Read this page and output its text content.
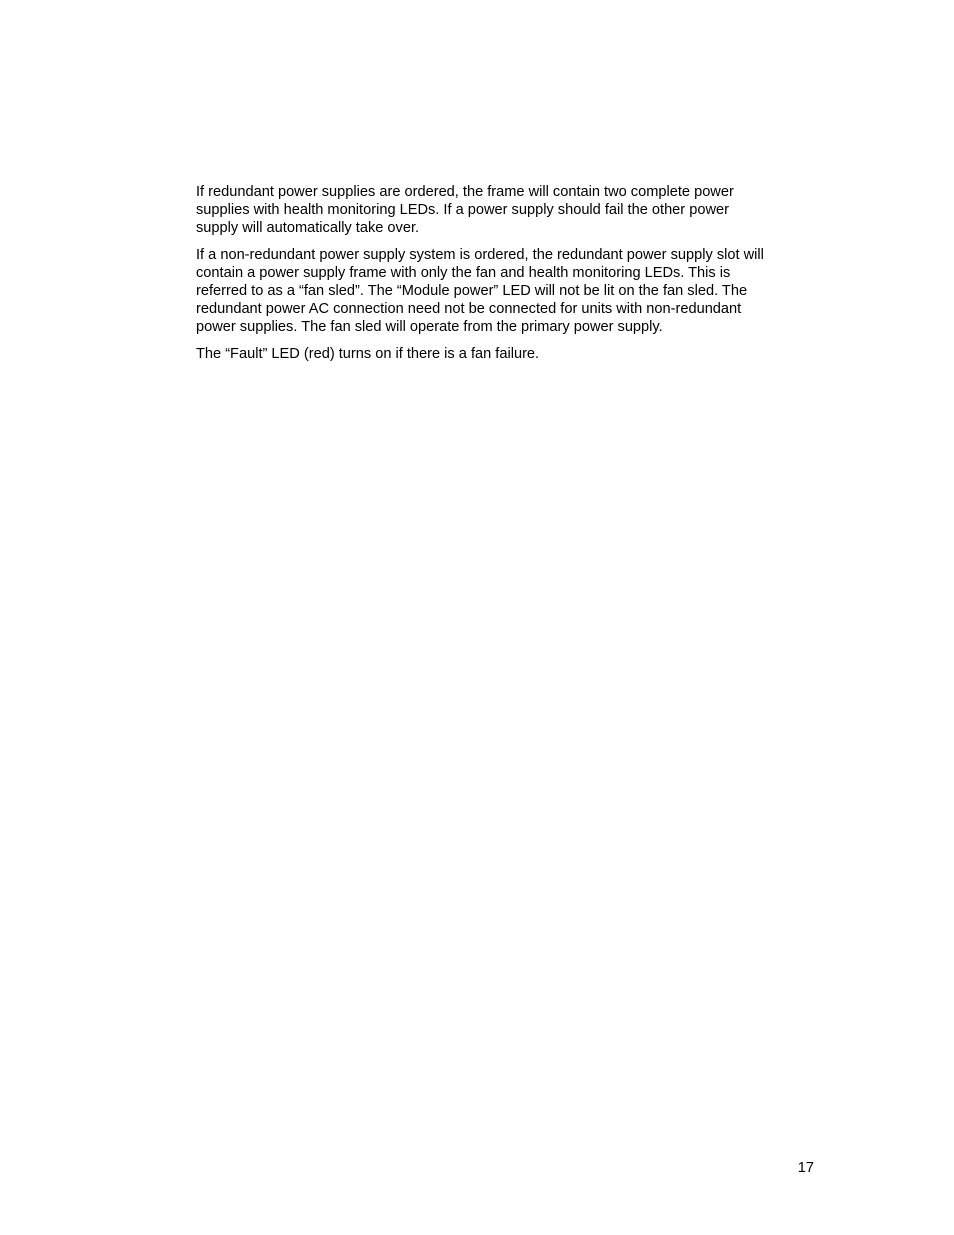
If redundant power supplies are ordered, the frame will contain two complete power
supplies with health monitoring LEDs. If a power supply should fail the other power
supply will automatically take over.

If a non-redundant power supply system is ordered, the redundant power supply slot will
contain a power supply frame with only the fan and health monitoring LEDs. This is
referred to as a “fan sled”. The “Module power” LED will not be lit on the fan sled. The
redundant power AC connection need not be connected for units with non-redundant
power supplies. The fan sled will operate from the primary power supply.

The “Fault” LED (red) turns on if there is a fan failure.

17
